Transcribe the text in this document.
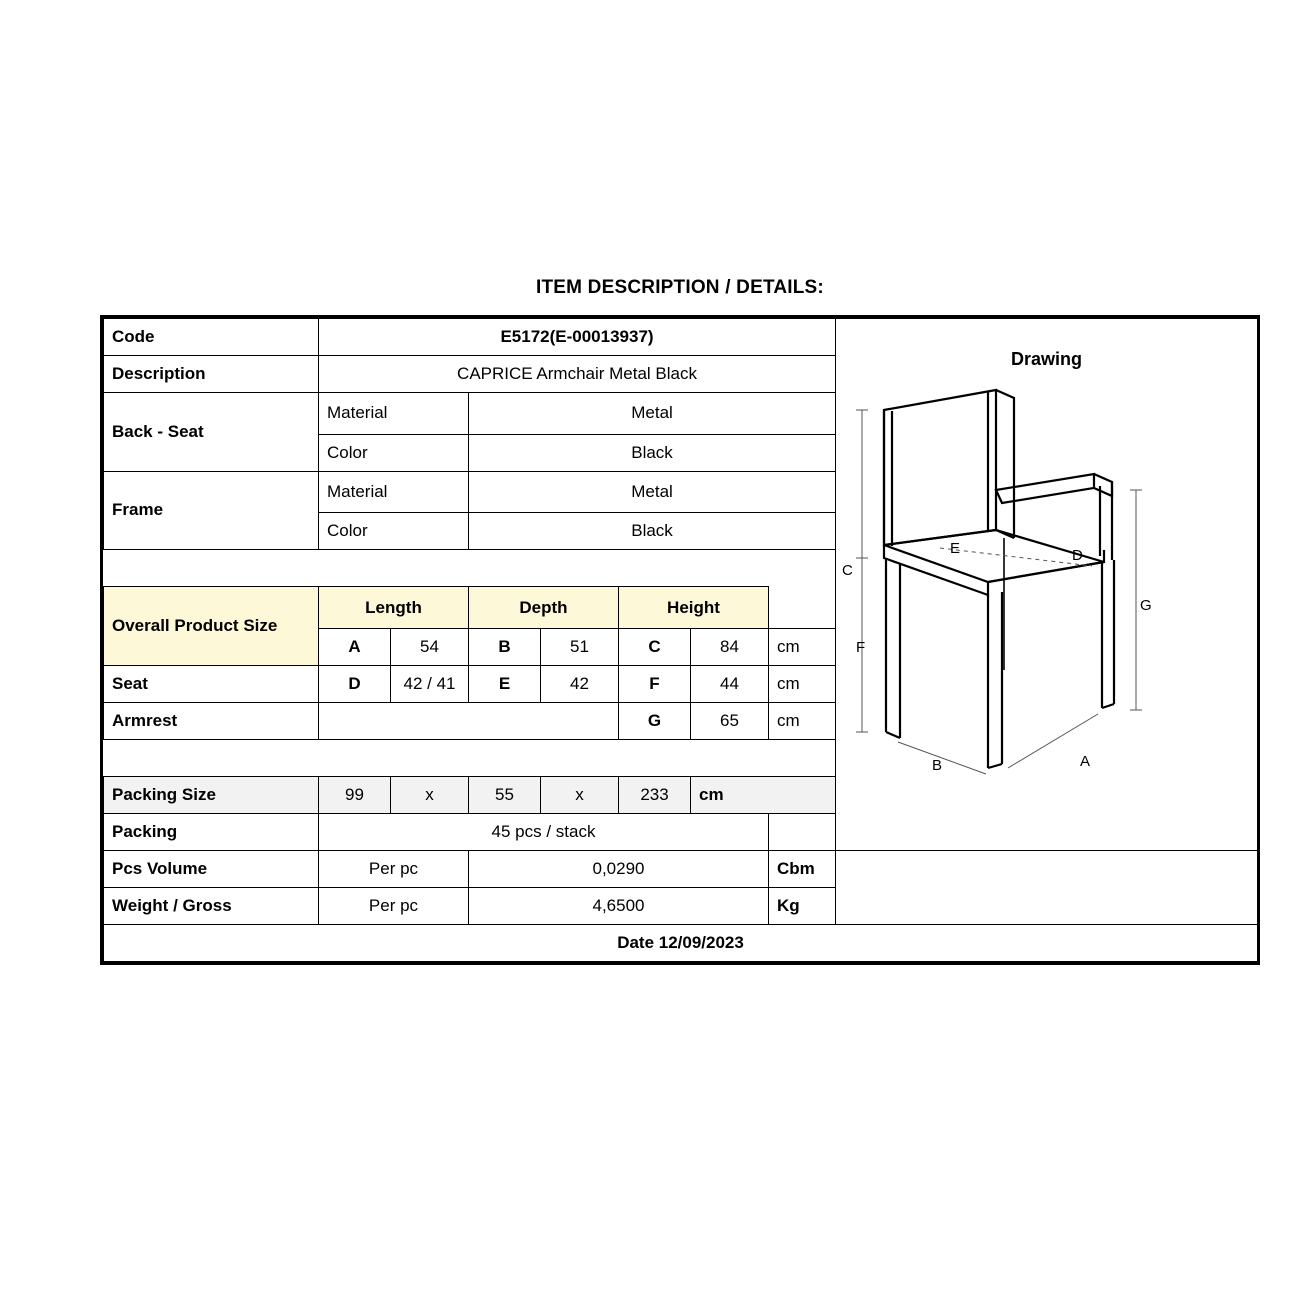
ITEM DESCRIPTION / DETAILS:
Code	E5172(E-00013937)	
Drawing
C
F
G
B	A
E	D

Description	CAPRICE Armchair Metal Black							
Back - Seat	Material		Metal					
	Color		Black					
Frame	Material		Metal					
	Color		Black					

Overall Product Size	Length		Depth		Height			
	A	54	B	51	C	84	cm	
Seat	D	42 / 41	E	42	F	44	cm	
Armrest					G	65	cm	

Packing Size	99	x	55	x	233	cm		
Packing	45 pcs / stack							
Pcs Volume	Per pc		0,0290				Cbm	
Weight / Gross	Per pc		4,6500				Kg	
Date 12/09/2023								
